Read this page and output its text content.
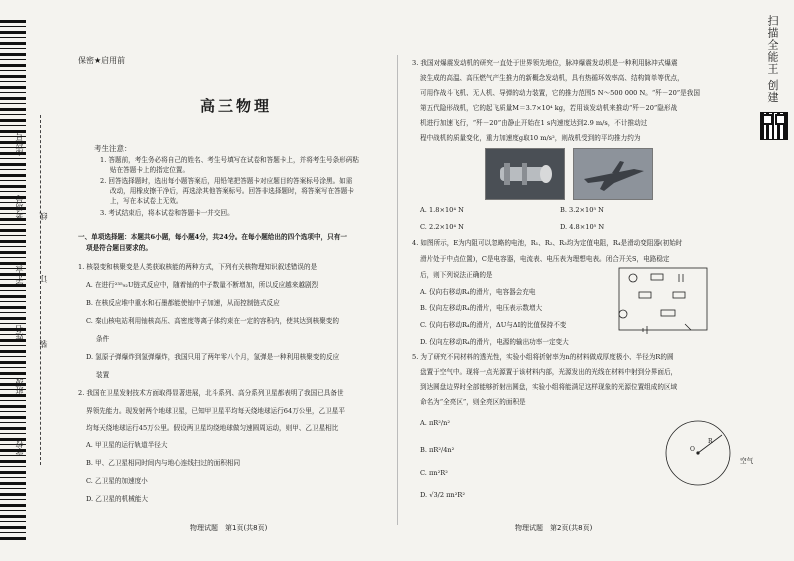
学校
班级
姓名
学生号
考场号
座位号
装
订
线
保密★启用前
高三物理
考生注意：
1. 答题前，考生务必将自己的姓名、考生号填写在试卷和答题卡上，并将考生号条形码粘
贴在答题卡上的指定位置。
2. 回答选择题时，选出每小题答案后，用铅笔把答题卡对应题目的答案标号涂黑。如需
改动，用橡皮擦干净后，再选涂其他答案标号。回答非选择题时，将答案写在答题卡
上，写在本试卷上无效。
3. 考试结束后，将本试卷和答题卡一并交回。
一、单项选择题：本题共6小题，每小题4分，共24分。在每小题给出的四个选项中，只有一
项是符合题目要求的。
1. 核裂变和核聚变是人类获取核能的两种方式，下列有关核物理知识叙述错误的是
A. 在进行²³⁵₉₂U链式反应中，随着铀的中子数量不断增加，所以反应越来越剧烈
B. 在核反应堆中重水和石墨都能使铀中子加速，从而控制链式反应
C. 秦山核电站利用铀核高压、高密度等离子体约束在一定的容积内，使其达到核聚变的
条件
D. 氢原子弹爆炸到氢弹爆炸，我国只用了两年零八个月，氢弹是一种利用核聚变的反应
装置
2. 我国在卫星发射技术方面取得显著进展，北斗系列、高分系列卫星都表明了我国已具备世
界领先能力。现发射两个地球卫星，已知甲卫星平均每天绕地球运行64万公里，乙卫星平
均每天绕地球运行45万公里。假设两卫星均绕地球做匀速圆周运动，则甲、乙卫星相比
A. 甲卫星的运行轨道半径大
B. 甲、乙卫星相同时间内与地心连线扫过的面积相同
C. 乙卫星的加速度小
D. 乙卫星的机械能大
物理试题　第1页(共8页)
3. 我国对爆震发动机的研究一直处于世界领先地位，脉冲爆震发动机是一种利用脉冲式爆震
波生成的高温、高压燃气产生推力的新概念发动机，具有热循环效率高、结构简单等优点，
可用作战斗飞机、无人机、导弹的动力装置，它的推力范围5 N～500 000 N。“歼－20”是我国
第五代隐形战机，它的起飞质量M＝3.7×10⁴ kg，若用该发动机来推动“歼－20”隐形战
机进行加速飞行，“歼－20”由静止开始在1 s内速度达到2.9 m/s，不计推动过
程中战机的质量变化，重力加速度g取10 m/s²，则战机受到的平均推力约为
A. 1.8×10⁴ N	B. 3.2×10⁵ N
C. 2.2×10⁴ N	D. 4.8×10⁵ N
4. 如图所示，E为内阻可以忽略的电池，R₁、R₂、R₃均为定值电阻，R₄是滑动变阻器(初始时
滑片处于中点位置)，C是电容器，电流表、电压表为理想电表。闭合开关S，电路稳定
后，则下列说法正确的是
A. 仅向右移动R₄的滑片，电容器会充电
B. 仅向左移动R₄的滑片，电压表示数增大
C. 仅向右移动R₄的滑片，ΔU与ΔI的比值保持不变
D. 仅向左移动R₄的滑片，电源的输出功率一定变大
5. 为了研究不同材料的透光性，实验小组将折射率为n的材料做成厚度极小、半径为R的圆
盘置于空气中。现将一点光源置于该材料内部，光源发出的光线在材料中射到分界面后，
到达圆盘边界时全部能够折射出圆盘，实验小组将能满足这样现象的光源位置组成的区域
命名为“全亮区”，则全亮区的面积是
A. πR²/n²
B. πR²/4n²
C. πn²R²
D. √3/2 πn²R²
R
O
空气
物理试题　第2页(共8页)
扫描全能王 创建
